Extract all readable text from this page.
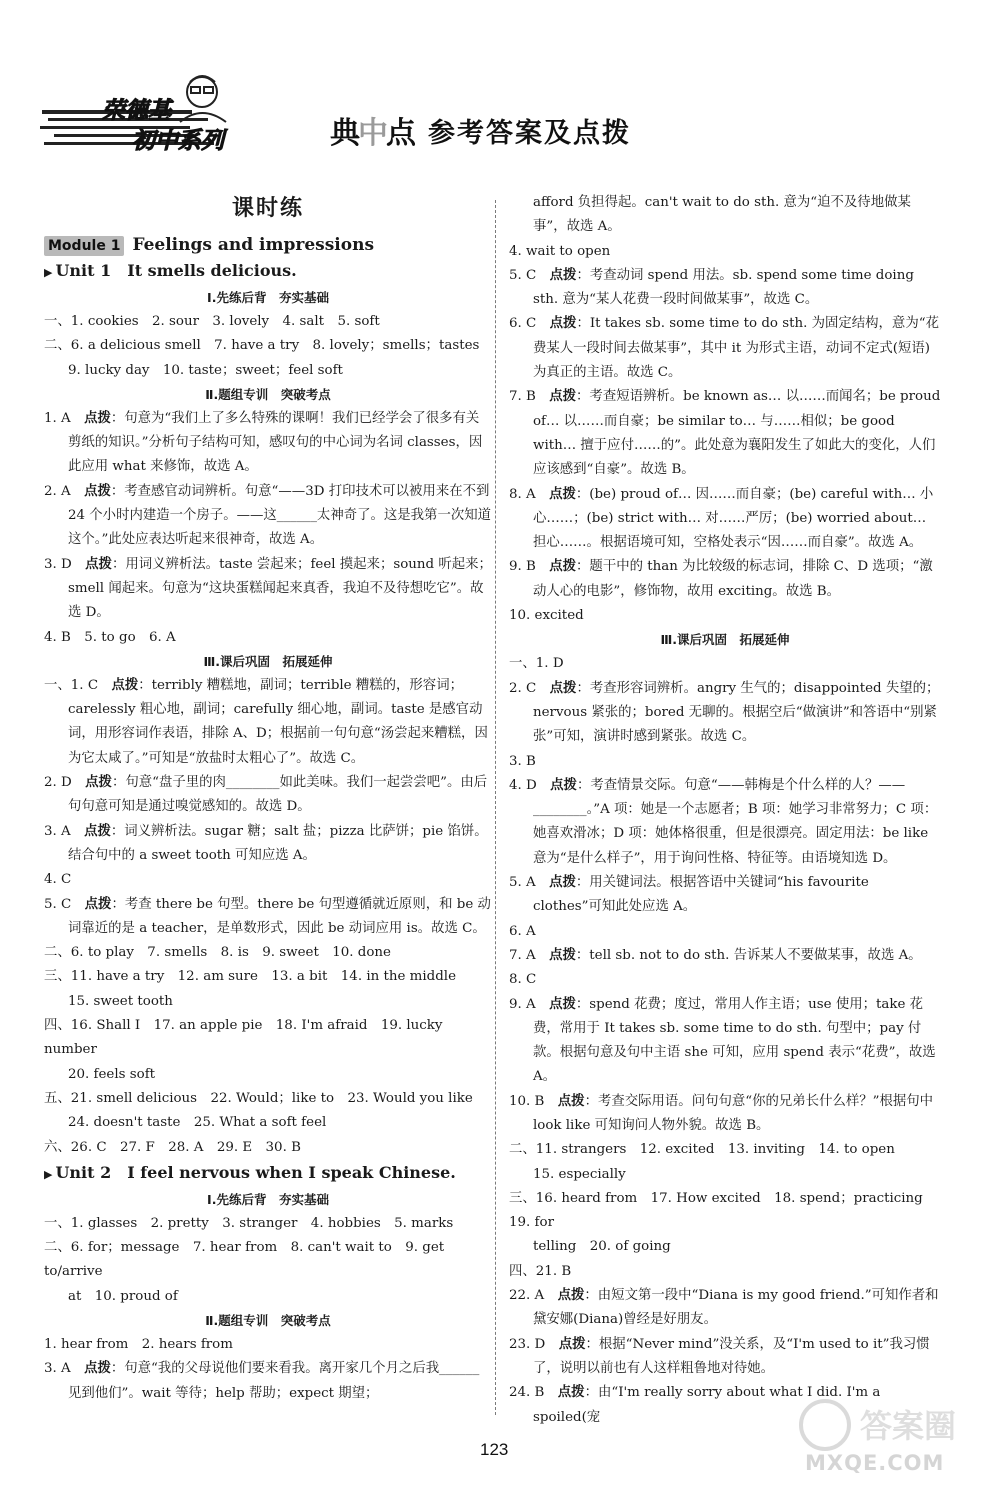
荣德基
初中系列	典中点 参考答案及点拨
课时练
Module 1 Feelings and impressions
▶ Unit 1　It smells delicious.

Ⅰ.先练后背　夯实基础

一、1. cookies　2. sour　3. lovely　4. salt　5. soft

二、6. a delicious smell　7. have a try　8. lovely；smells；tastes

9. lucky day　10. taste；sweet；feel soft

Ⅱ.题组专训　突破考点

1. A　点拨：句意为“我们上了多么特殊的课啊！我们已经学会了很多有关剪纸的知识。”分析句子结构可知，感叹句的中心词为名词 classes，因此应用 what 来修饰，故选 A。

2. A　点拨：考查感官动词辨析。句意“——3D 打印技术可以被用来在不到 24 个小时内建造一个房子。——这______太神奇了。这是我第一次知道这个。”此处应表达听起来很神奇，故选 A。

3. D　点拨：用词义辨析法。taste 尝起来；feel 摸起来；sound 听起来；smell 闻起来。句意为“这块蛋糕闻起来真香，我迫不及待想吃它”。故选 D。

4. B　5. to go　6. A

Ⅲ.课后巩固　拓展延伸

一、1. C　点拨：terribly 糟糕地，副词；terrible 糟糕的，形容词；carelessly 粗心地，副词；carefully 细心地，副词。taste 是感官动词，用形容词作表语，排除 A、D；根据前一句句意“汤尝起来糟糕，因为它太咸了。”可知是“放盐时太粗心了”。故选 C。

2. D　点拨：句意“盘子里的肉________如此美味。我们一起尝尝吧”。由后句句意可知是通过嗅觉感知的。故选 D。

3. A　点拨：词义辨析法。sugar 糖；salt 盐；pizza 比萨饼；pie 馅饼。结合句中的 a sweet tooth 可知应选 A。

4. C

5. C　点拨：考查 there be 句型。there be 句型遵循就近原则，和 be 动词靠近的是 a teacher，是单数形式，因此 be 动词应用 is。故选 C。

二、6. to play　7. smells　8. is　9. sweet　10. done

三、11. have a try　12. am sure　13. a bit　14. in the middle

15. sweet tooth

四、16. Shall I　17. an apple pie　18. I'm afraid　19. lucky number

20. feels soft

五、21. smell delicious　22. Would；like to　23. Would you like

24. doesn't taste　25. What a soft feel

六、26. C　27. F　28. A　29. E　30. B

▶ Unit 2　I feel nervous when I speak Chinese.

Ⅰ.先练后背　夯实基础

一、1. glasses　2. pretty　3. stranger　4. hobbies　5. marks

二、6. for；message　7. hear from　8. can't wait to　9. get to/arrive

at　10. proud of

Ⅱ.题组专训　突破考点

1. hear from　2. hears from

3. A　点拨：句意“我的父母说他们要来看我。离开家几个月之后我______见到他们”。wait 等待；help 帮助；expect 期望；

afford 负担得起。can't wait to do sth. 意为“迫不及待地做某事”，故选 A。

4. wait to open

5. C　点拨：考查动词 spend 用法。sb. spend some time doing sth. 意为“某人花费一段时间做某事”，故选 C。

6. C　点拨：It takes sb. some time to do sth. 为固定结构，意为“花费某人一段时间去做某事”，其中 it 为形式主语，动词不定式(短语)为真正的主语。故选 C。

7. B　点拨：考查短语辨析。be known as… 以……而闻名；be proud of… 以……而自豪；be similar to… 与……相似；be good with… 擅于应付……的”。此处意为襄阳发生了如此大的变化，人们应该感到“自豪”。故选 B。

8. A　点拨：(be) proud of… 因……而自豪；(be) careful with… 小心……；(be) strict with… 对……严厉；(be) worried about… 担心……。根据语境可知，空格处表示“因……而自豪”。故选 A。

9. B　点拨：题干中的 than 为比较级的标志词，排除 C、D 选项；“激动人心的电影”，修饰物，故用 exciting。故选 B。

10. excited

Ⅲ.课后巩固　拓展延伸

一、1. D

2. C　点拨：考查形容词辨析。angry 生气的；disappointed 失望的；nervous 紧张的；bored 无聊的。根据空后“做演讲”和答语中“别紧张”可知，演讲时感到紧张。故选 C。

3. B

4. D　点拨：考查情景交际。句意“——韩梅是个什么样的人？——________。”A 项：她是一个志愿者；B 项：她学习非常努力；C 项：她喜欢滑冰；D 项：她体格很重，但是很漂亮。固定用法：be like 意为“是什么样子”，用于询问性格、特征等。由语境知选 D。

5. A　点拨：用关键词法。根据答语中关键词“his favourite clothes”可知此处应选 A。

6. A

7. A　点拨：tell sb. not to do sth. 告诉某人不要做某事，故选 A。

8. C

9. A　点拨：spend 花费；度过，常用人作主语；use 使用；take 花费，常用于 It takes sb. some time to do sth. 句型中；pay 付款。根据句意及句中主语 she 可知，应用 spend 表示“花费”，故选 A。

10. B　点拨：考查交际用语。问句句意“你的兄弟长什么样？”根据句中 look like 可知询问人物外貌。故选 B。

二、11. strangers　12. excited　13. inviting　14. to open

15. especially

三、16. heard from　17. How excited　18. spend；practicing　19. for

telling　20. of going

四、21. B

22. A　点拨：由短文第一段中“Diana is my good friend.”可知作者和黛安娜(Diana)曾经是好朋友。

23. D　点拨：根据“Never mind”没关系，及“I'm used to it”我习惯了，说明以前也有人这样粗鲁地对待她。

24. B　点拨：由“I'm really sorry about what I did. I'm a spoiled(宠

123
答案圈
MXQE.COM
